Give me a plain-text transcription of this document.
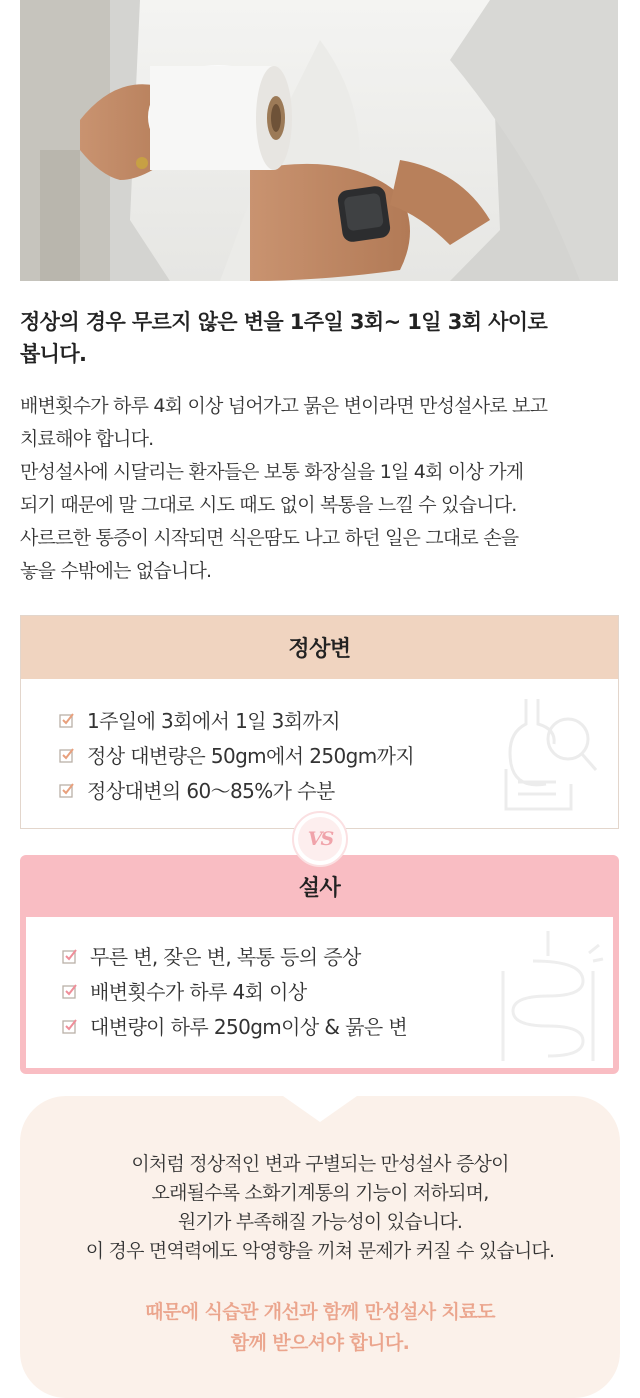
정상의 경우 무르지 않은 변을 1주일 3회~ 1일 3회 사이로
봅니다.

배변횟수가 하루 4회 이상 넘어가고 묽은 변이라면 만성설사로 보고

치료해야 합니다.

만성설사에 시달리는 환자들은 보통 화장실을 1일 4회 이상 가게

되기 때문에 말 그대로 시도 때도 없이 복통을 느낄 수 있습니다.

사르르한 통증이 시작되면 식은땀도 나고 하던 일은 그대로 손을

놓을 수밖에는 없습니다.

정상변
1주일에 3회에서 1일 3회까지
정상 대변량은 50gm에서 250gm까지
정상대변의 60～85%가 수분
VS
설사
무른 변, 잦은 변, 복통 등의 증상
배변횟수가 하루 4회 이상
대변량이 하루 250gm이상 & 묽은 변
이처럼 정상적인 변과 구별되는 만성설사 증상이
오래될수록 소화기계통의 기능이 저하되며,
원기가 부족해질 가능성이 있습니다.
이 경우 면역력에도 악영향을 끼쳐 문제가 커질 수 있습니다.
때문에 식습관 개선과 함께 만성설사 치료도
함께 받으셔야 합니다.
